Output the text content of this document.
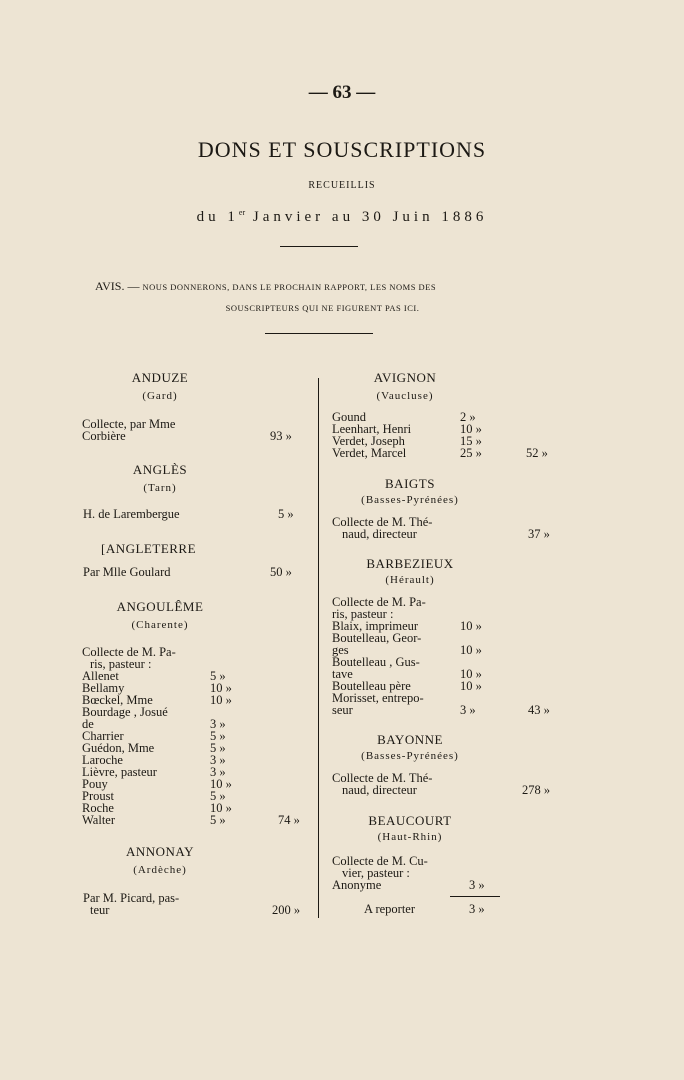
— 63 —
DONS ET SOUSCRIPTIONS
RECUEILLIS
du 1er Janvier au 30 Juin 1886
AVIS. — NOUS DONNERONS, DANS LE PROCHAIN RAPPORT, LES NOMS DES
SOUSCRIPTEURS QUI NE FIGURENT PAS ICI.
ANDUZE
(Gard)
Collecte, par Mme
Corbière	93 »
ANGLÈS
(Tarn)
H. de Larembergue	5 »
[ANGLETERRE
Par Mlle Goulard	50 »
ANGOULÊME
(Charente)
Collecte de M. Pa-
ris, pasteur :
Allenet	5 »
Bellamy	10 »
Bœckel, Mme	10 »
Bourdage , Josué
de	3 »
Charrier	5 »
Guédon, Mme	5 »
Laroche	3 »
Lièvre, pasteur	3 »
Pouy	10 »
Proust	5 »
Roche	10 »
Walter	5 »	74 »
ANNONAY
(Ardèche)
Par M. Picard, pas-
teur	200 »
AVIGNON
(Vaucluse)
Gound	2 »
Leenhart, Henri	10 »
Verdet, Joseph	15 »
Verdet, Marcel	25 »	52 »
BAIGTS
(Basses-Pyrénées)
Collecte de M. Thé-
naud, directeur	37 »
BARBEZIEUX
(Hérault)
Collecte de M. Pa-
ris, pasteur :
Blaix, imprimeur	10 »
Boutelleau, Geor-
ges	10 »
Boutelleau , Gus-
tave	10 »
Boutelleau père	10 »
Morisset, entrepo-
seur	3 »	43 »
BAYONNE
(Basses-Pyrénées)
Collecte de M. Thé-
naud, directeur	278 »
BEAUCOURT
(Haut-Rhin)
Collecte de M. Cu-
vier, pasteur :
Anonyme	3 »
A reporter	3 »
